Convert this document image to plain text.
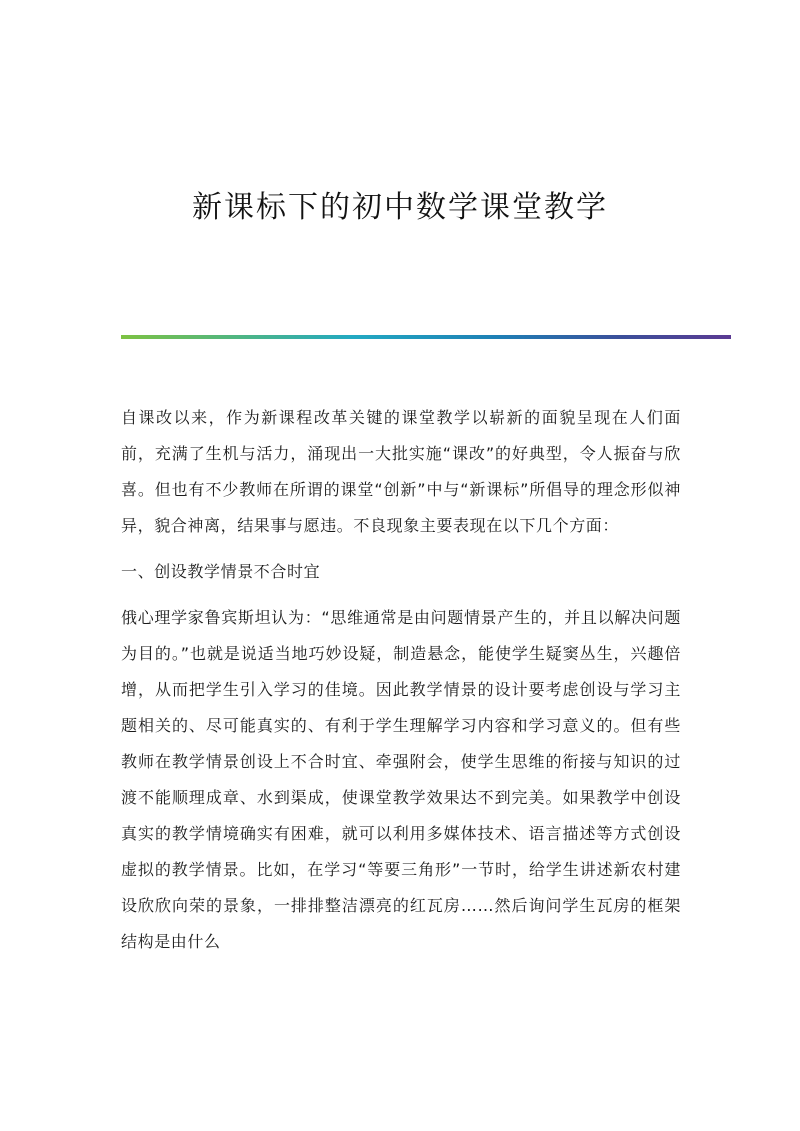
新课标下的初中数学课堂教学

自课改以来，作为新课程改革关键的课堂教学以崭新的面貌呈现在人们面前，充满了生机与活力，涌现出一大批实施“课改”的好典型，令人振奋与欣喜。但也有不少教师在所谓的课堂“创新”中与“新课标”所倡导的理念形似神异，貌合神离，结果事与愿违。不良现象主要表现在以下几个方面：

一、创设教学情景不合时宜

俄心理学家鲁宾斯坦认为：“思维通常是由问题情景产生的，并且以解决问题为目的。”也就是说适当地巧妙设疑，制造悬念，能使学生疑窦丛生，兴趣倍增，从而把学生引入学习的佳境。因此教学情景的设计要考虑创设与学习主题相关的、尽可能真实的、有利于学生理解学习内容和学习意义的。但有些教师在教学情景创设上不合时宜、牵强附会，使学生思维的衔接与知识的过渡不能顺理成章、水到渠成，使课堂教学效果达不到完美。如果教学中创设真实的教学情境确实有困难，就可以利用多媒体技术、语言描述等方式创设虚拟的教学情景。比如，在学习“等要三角形”一节时，给学生讲述新农村建设欣欣向荣的景象，一排排整洁漂亮的红瓦房……然后询问学生瓦房的框架结构是由什么
